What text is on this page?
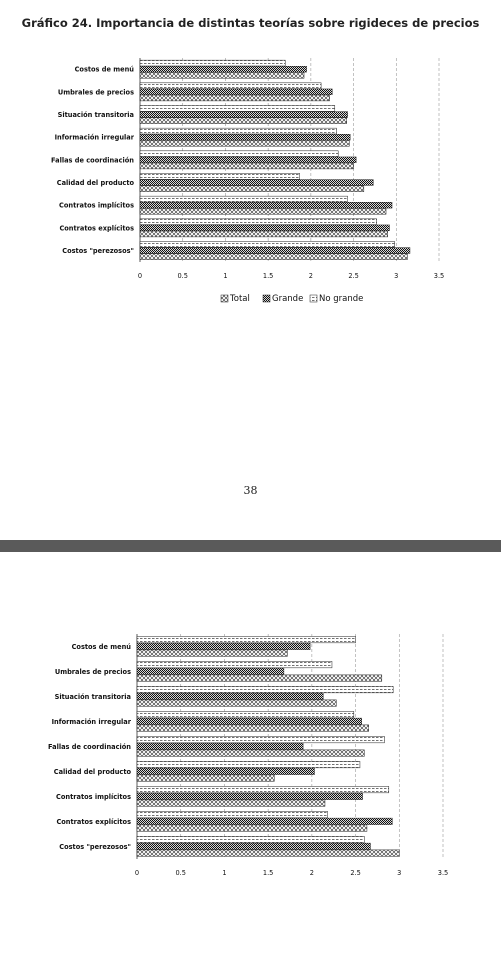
Gráfico 24. Importancia de distintas teorías sobre rigideces de precios
0	0.5	1	1.5	2	2.5	3	3.5
Costos de menú
Umbrales de precios
Situación transitoria
Información irregular
Fallas de coordinación
Calidad del producto
Contratos implícitos
Contratos explícitos
Costos "perezosos"
Total	Grande No grande
38
0	0.5	1	1.5	2	2.5	3	3.5
Costos de menú
Umbrales de precios
Situación transitoria
Información irregular
Fallas de coordinación
Calidad del producto
Contratos implícitos
Contratos explícitos
Costos "perezosos"
